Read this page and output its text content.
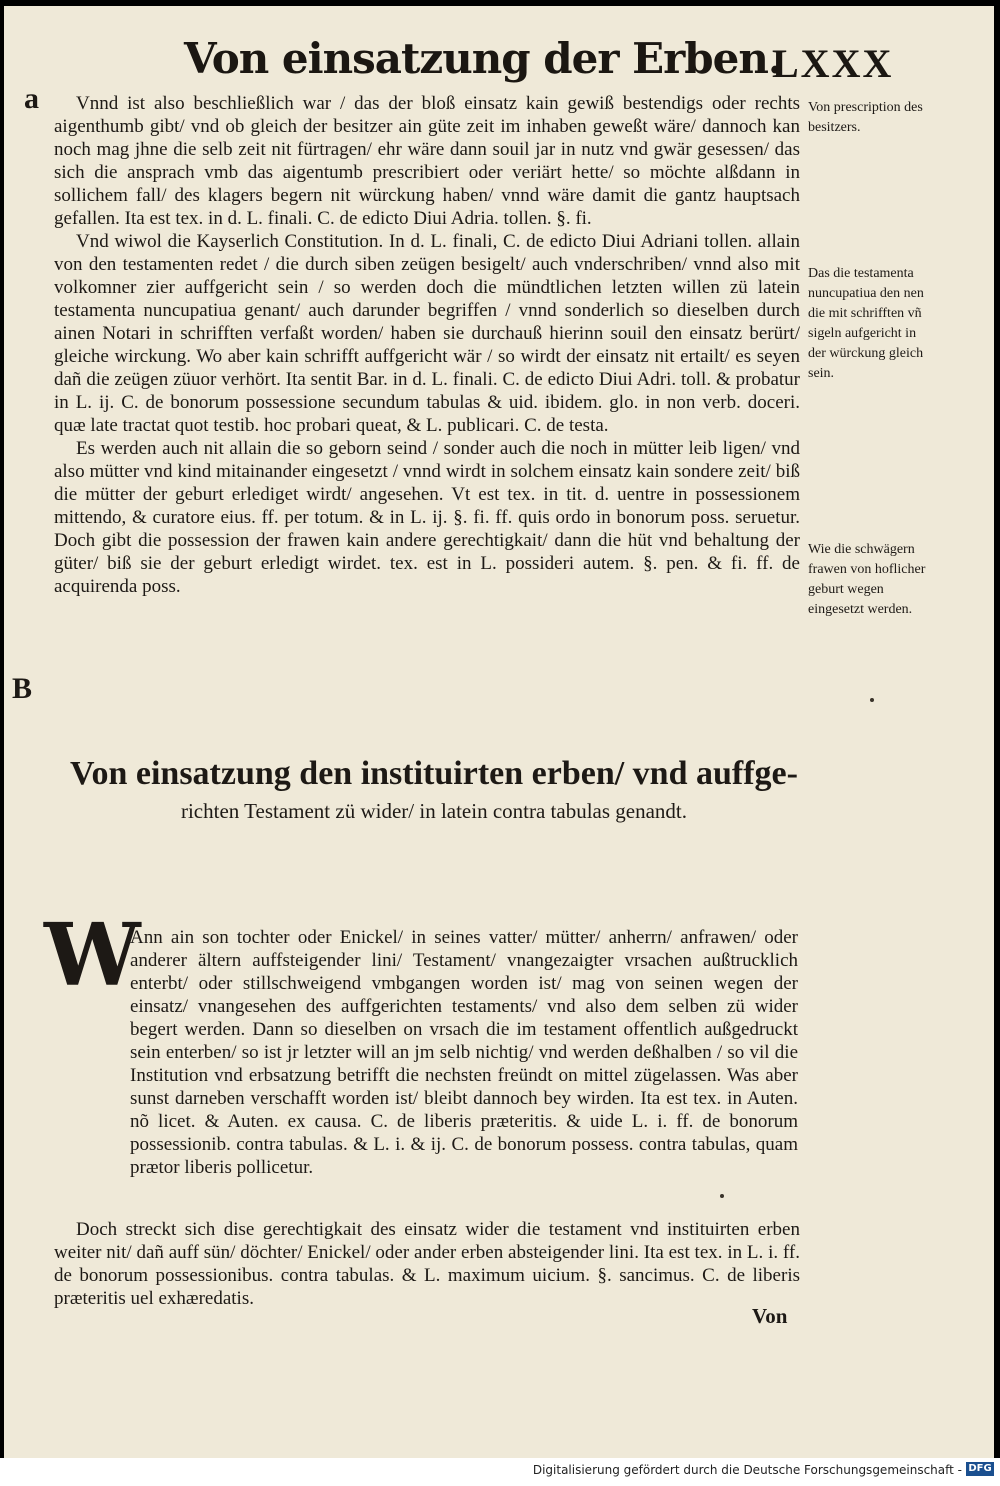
Von einsatzung der Erben.
LXXX
a
B

Vnnd ist also beschließlich war / das der bloß einsatz kain gewiß bestendigs oder rechts aigenthumb gibt/ vnd ob gleich der besitzer ain güte zeit im inhaben geweßt wäre/ dannoch kan noch mag jhne die selb zeit nit fürtragen/ ehr wäre dann souil jar in nutz vnd gwär gesessen/ das sich die ansprach vmb das aigentumb prescribiert oder veriärt hette/ so möchte alßdann in sollichem fall/ des klagers begern nit würckung haben/ vnnd wäre damit die gantz hauptsach gefallen. Ita est tex. in d. L. finali. C. de edicto Diui Adria. tollen. §. fi.

Vnd wiwol die Kayserlich Constitution. In d. L. finali, C. de edicto Diui Adriani tollen. allain von den testamenten redet / die durch siben zeügen besigelt/ auch vnderschriben/ vnnd also mit volkomner zier auffgericht sein / so werden doch die mündtlichen letzten willen zü latein testamenta nuncupatiua genant/ auch darunder begriffen / vnnd sonderlich so dieselben durch ainen Notari in schrifften verfaßt worden/ haben sie durchauß hierinn souil den einsatz berürt/ gleiche wirckung. Wo aber kain schrifft auffgericht wär / so wirdt der einsatz nit ertailt/ es seyen dañ die zeügen züuor verhört. Ita sentit Bar. in d. L. finali. C. de edicto Diui Adri. toll. & probatur in L. ij. C. de bonorum possessione secundum tabulas & uid. ibidem. glo. in non verb. doceri. quæ late tractat quot testib. hoc probari queat, & L. publicari. C. de testa.

Es werden auch nit allain die so geborn seind / sonder auch die noch in mütter leib ligen/ vnd also mütter vnd kind mitainander eingesetzt / vnnd wirdt in solchem einsatz kain sondere zeit/ biß die mütter der geburt erlediget wirdt/ angesehen. Vt est tex. in tit. d. uentre in possessionem mittendo, & curatore eius. ff. per totum. & in L. ij. §. fi. ff. quis ordo in bonorum poss. seruetur. Doch gibt die possession der frawen kain andere gerechtigkait/ dann die hüt vnd behaltung der güter/ biß sie der geburt erledigt wirdet. tex. est in L. possideri autem. §. pen. & fi. ff. de acquirenda poss.

Von prescription des besitzers.
Das die testamenta nuncupatiua den nen die mit schrifften vñ sigeln aufgericht in der würckung gleich sein.
Wie die schwägern frawen von hoflicher geburt wegen eingesetzt werden.
Von einsatzung den instituirten erben/ vnd auffge-
richten Testament zü wider/ in latein contra tabulas genandt.
W

Ann ain son tochter oder Enickel/ in seines vatter/ mütter/ anherrn/ anfrawen/ oder anderer ältern auffsteigender lini/ Testament/ vnangezaigter vrsachen außtrucklich enterbt/ oder stillschweigend vmbgangen worden ist/ mag von seinen wegen der einsatz/ vnangesehen des auffgerichten testaments/ vnd also dem selben zü wider begert werden. Dann so dieselben on vrsach die im testament offentlich außgedruckt sein enterben/ so ist jr letzter will an jm selb nichtig/ vnd werden deßhalben / so vil die Institution vnd erbsatzung betrifft die nechsten freündt on mittel zügelassen. Was aber sunst darneben verschafft worden ist/ bleibt dannoch bey wirden. Ita est tex. in Auten. nõ licet. & Auten. ex causa. C. de liberis præteritis. & uide L. i. ff. de bonorum possessionib. contra tabulas. & L. i. & ij. C. de bonorum possess. contra tabulas, quam prætor liberis pollicetur.

Doch streckt sich dise gerechtigkait des einsatz wider die testament vnd instituirten erben weiter nit/ dañ auff sün/ döchter/ Enickel/ oder ander erben absteigender lini. Ita est tex. in L. i. ff. de bonorum possessionibus. contra tabulas. & L. maximum uicium. §. sancimus. C. de liberis præteritis uel exhæredatis.

Von
Digitalisierung gefördert durch die Deutsche Forschungsgemeinschaft - DFG
